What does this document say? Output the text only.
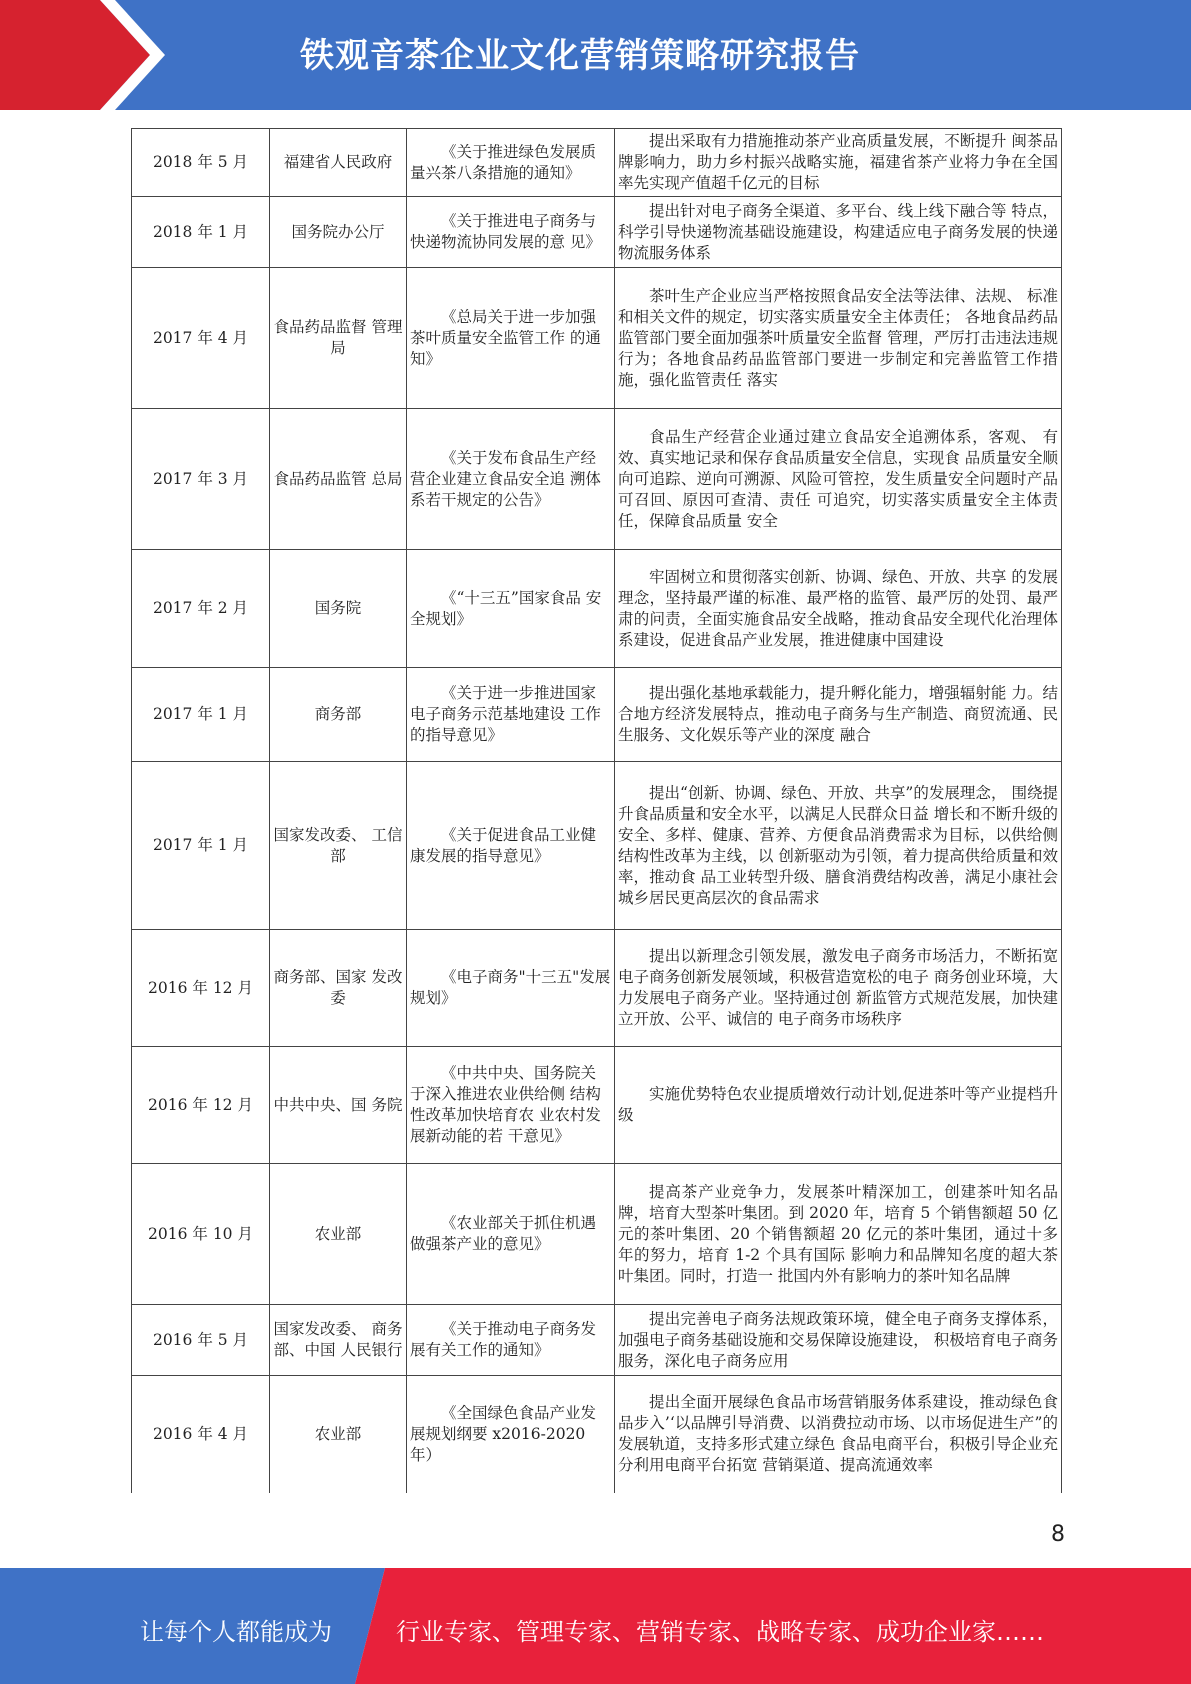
铁观音茶企业文化营销策略研究报告
2018 年 5 月	福建省人民政府	《关于推进绿色发展质 量兴茶八条措施的通知》	提出采取有力措施推动茶产业高质量发展，不断提升 闽茶品牌影响力，助力乡村振兴战略实施，福建省茶产业将力争在全国率先实现产值超千亿元的目标
2018 年 1 月	国务院办公厅	《关于推进电子商务与 快递物流协同发展的意 见》	提出针对电子商务全渠道、多平台、线上线下融合等 特点，科学引导快递物流基础设施建设，构建适应电子商务发展的快递物流服务体系
2017 年 4 月	食品药品监督 管理局	《总局关于进一步加强 茶叶质量安全监管工作 的通知》	茶叶生产企业应当严格按照食品安全法等法律、法规、 标准和相关文件的规定，切实落实质量安全主体责任； 各地食品药品监管部门要全面加强茶叶质量安全监督 管理，严厉打击违法违规行为；各地食品药品监管部门要进一步制定和完善监管工作措施，强化监管责任 落实
2017 年 3 月	食品药品监管 总局	《关于发布食品生产经 营企业建立食品安全追 溯体系若干规定的公告》	食品生产经营企业通过建立食品安全追溯体系，客观、 有效、真实地记录和保存食品质量安全信息，实现食 品质量安全顺向可追踪、逆向可溯源、风险可管控，发生质量安全问题时产品可召回、原因可查清、责任 可追究，切实落实质量安全主体责任，保障食品质量 安全
2017 年 2 月	国务院	《“十三五”国家食品 安全规划》	牢固树立和贯彻落实创新、协调、绿色、开放、共享 的发展理念，坚持最严谨的标准、最严格的监管、最严厉的处罚、最严肃的问责，全面实施食品安全战略，推动食品安全现代化治理体系建设，促进食品产业发展，推进健康中国建设
2017 年 1 月	商务部	《关于进一步推进国家 电子商务示范基地建设 工作的指导意见》	提出强化基地承载能力，提升孵化能力，增强辐射能 力。结合地方经济发展特点，推动电子商务与生产制造、商贸流通、民生服务、文化娱乐等产业的深度 融合
2017 年 1 月	国家发改委、 工信部	《关于促进食品工业健 康发展的指导意见》	提出“创新、协调、绿色、开放、共享”的发展理念， 围绕提升食品质量和安全水平，以满足人民群众日益 增长和不断升级的安全、多样、健康、营养、方便食品消费需求为目标，以供给侧结构性改革为主线，以 创新驱动为引领，着力提高供给质量和效率，推动食 品工业转型升级、膳食消费结构改善，满足小康社会 城乡居民更高层次的食品需求
2016 年 12 月	商务部、国家 发改委	《电子商务"十三五"发展规划》	提出以新理念引领发展，激发电子商务市场活力，不断拓宽电子商务创新发展领域，积极营造宽松的电子 商务创业环境，大力发展电子商务产业。坚持通过创 新监管方式规范发展，加快建立开放、公平、诚信的 电子商务市场秩序
2016 年 12 月	中共中央、国 务院	《中共中央、国务院关 于深入推进农业供给侧 结构性改革加快培育农 业农村发展新动能的若 干意见》	实施优势特色农业提质增效行动计划,促进茶叶等产业提档升级
2016 年 10 月	农业部	《农业部关于抓住机遇 做强茶产业的意见》	提高茶产业竞争力，发展茶叶精深加工，创建茶叶知名品牌，培育大型茶叶集团。到 2020 年，培育 5 个销售额超 50 亿元的茶叶集团、20 个销售额超 20 亿元的茶叶集团，通过十多年的努力，培育 1-2 个具有国际 影响力和品牌知名度的超大茶叶集团。同时，打造一 批国内外有影响力的茶叶知名品牌
2016 年 5 月	国家发改委、 商务部、中国 人民银行	《关于推动电子商务发 展有关工作的通知》	提出完善电子商务法规政策环境，健全电子商务支撑体系，加强电子商务基础设施和交易保障设施建设， 积极培育电子商务服务，深化电子商务应用
2016 年 4 月	农业部	《全国绿色食品产业发 展规划纲要 x2016-2020 年）	提出全面开展绿色食品市场营销服务体系建设，推动绿色食品步入’‘以品牌引导消费、以消费拉动市场、以市场促进生产”的发展轨道，支持多形式建立绿色 食品电商平台，积极引导企业充分利用电商平台拓宽 营销渠道、提高流通效率
8
让每个人都能成为	行业专家、管理专家、营销专家、战略专家、成功企业家……
